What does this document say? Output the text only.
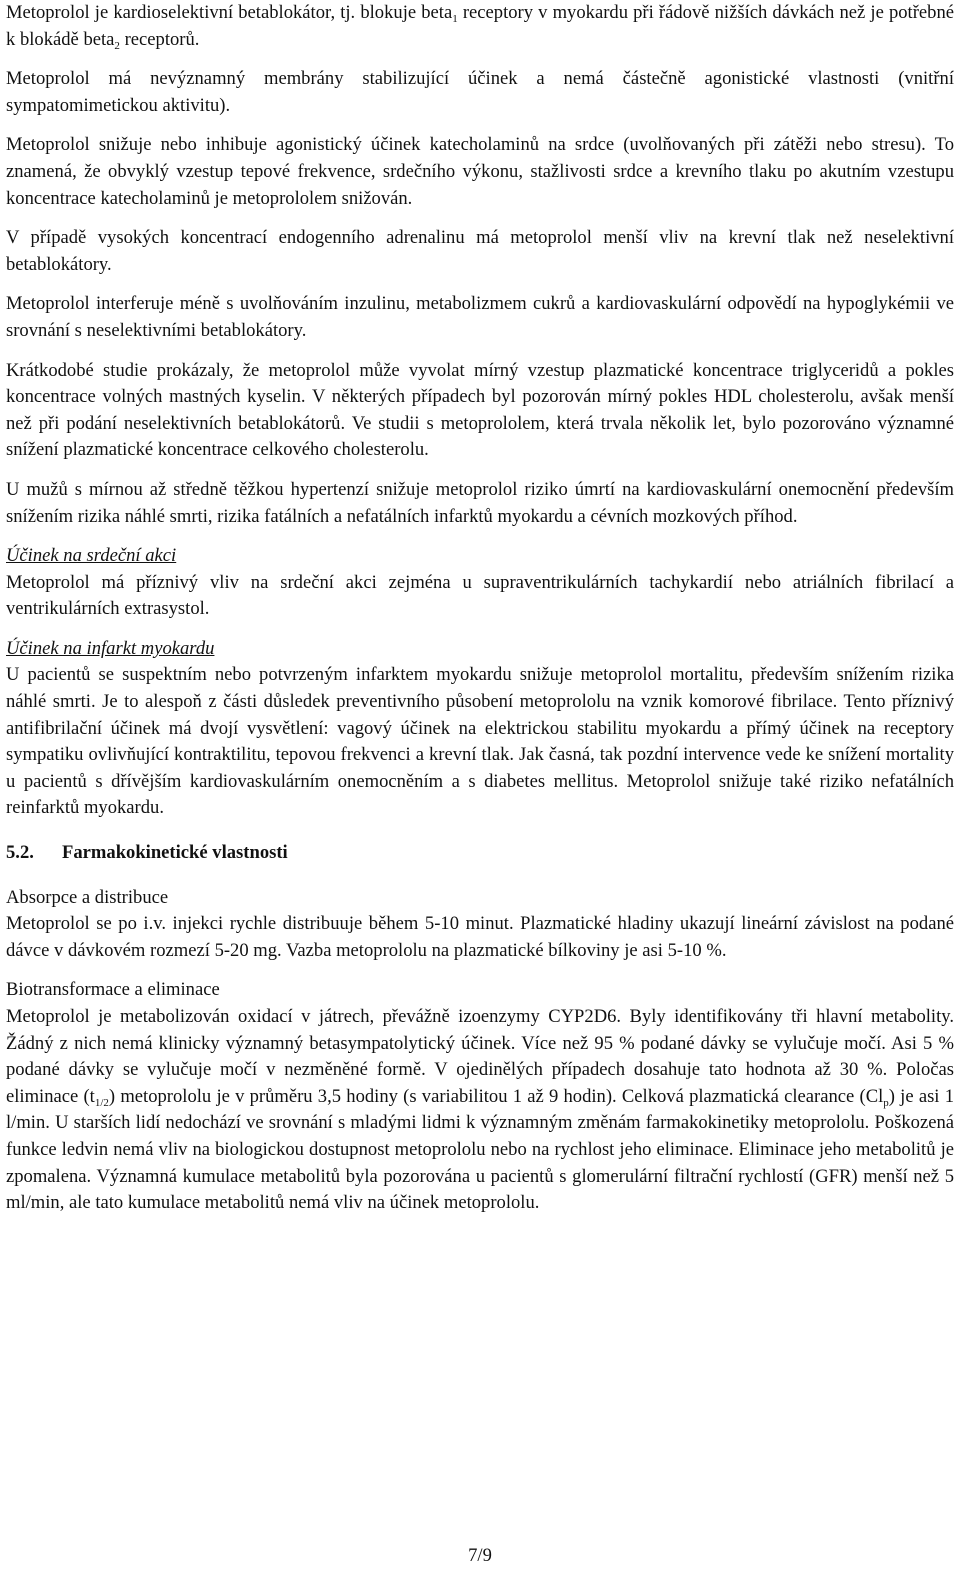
Metoprolol je kardioselektivní betablokátor, tj. blokuje beta$_1$ receptory v myokardu při řádově nižších dávkách než je potřebné k blokádě beta$_2$ receptorů.

Metoprolol má nevýznamný membrány stabilizující účinek a nemá částečně agonistické vlastnosti (vnitřní sympatomimetickou aktivitu).

Metoprolol snižuje nebo inhibuje agonistický účinek katecholaminů na srdce (uvolňovaných při zátěži nebo stresu). To znamená, že obvyklý vzestup tepové frekvence, srdečního výkonu, stažlivosti srdce a krevního tlaku po akutním vzestupu koncentrace katecholaminů je metoprololem snižován.

V případě vysokých koncentrací endogenního adrenalinu má metoprolol menší vliv na krevní tlak než neselektivní betablokátory.

Metoprolol interferuje méně s uvolňováním inzulinu, metabolizmem cukrů a kardiovaskulární odpovědí na hypoglykémii ve srovnání s neselektivními betablokátory.

Krátkodobé studie prokázaly, že metoprolol může vyvolat mírný vzestup plazmatické koncentrace triglyceridů a pokles koncentrace volných mastných kyselin. V některých případech byl pozorován mírný pokles HDL cholesterolu, avšak menší než při podání neselektivních betablokátorů. Ve studii s metoprololem, která trvala několik let, bylo pozorováno významné snížení plazmatické koncentrace celkového cholesterolu.

U mužů s mírnou až středně těžkou hypertenzí snižuje metoprolol riziko úmrtí na kardiovaskulární onemocnění především snížením rizika náhlé smrti, rizika fatálních a nefatálních infarktů myokardu a cévních mozkových příhod.

Účinek na srdeční akci
Metoprolol má příznivý vliv na srdeční akci zejména u supraventrikulárních tachykardií nebo atriálních fibrilací a ventrikulárních extrasystol.

Účinek na infarkt myokardu
U pacientů se suspektním nebo potvrzeným infarktem myokardu snižuje metoprolol mortalitu, především snížením rizika náhlé smrti. Je to alespoň z části důsledek preventivního působení metoprololu na vznik komorové fibrilace. Tento příznivý antifibrilační účinek má dvojí vysvětlení: vagový účinek na elektrickou stabilitu myokardu a přímý účinek na receptory sympatiku ovlivňující kontraktilitu, tepovou frekvenci a krevní tlak. Jak časná, tak pozdní intervence vede ke snížení mortality u pacientů s dřívějším kardiovaskulárním onemocněním a s diabetes mellitus. Metoprolol snižuje také riziko nefatálních reinfarktů myokardu.

5.2. Farmakokinetické vlastnosti

Absorpce a distribuce
Metoprolol se po i.v. injekci rychle distribuuje během 5-10 minut. Plazmatické hladiny ukazují lineární závislost na podané dávce v dávkovém rozmezí 5-20 mg. Vazba metoprololu na plazmatické bílkoviny je asi 5-10 %.

Biotransformace a eliminace
Metoprolol je metabolizován oxidací v játrech, převážně izoenzymy CYP2D6. Byly identifikovány tři hlavní metabolity. Žádný z nich nemá klinicky významný betasympatolytický účinek. Více než 95 % podané dávky se vylučuje močí. Asi 5 % podané dávky se vylučuje močí v nezměněné formě. V ojedinělých případech dosahuje tato hodnota až 30 %. Poločas eliminace $(t_{1/2})$ metoprololu je v průměru 3,5 hodiny (s variabilitou 1 až 9 hodin). Celková plazmatická clearance $(Cl_p)$ je asi 1 l/min. U starších lidí nedochází ve srovnání s mladými lidmi k významným změnám farmakokinetiky metoprololu. Poškozená funkce ledvin nemá vliv na biologickou dostupnost metoprololu nebo na rychlost jeho eliminace. Eliminace jeho metabolitů je zpomalena. Významná kumulace metabolitů byla pozorována u pacientů s glomerulární filtrační rychlostí (GFR) menší než 5 ml/min, ale tato kumulace metabolitů nemá vliv na účinek metoprololu.

7/9
